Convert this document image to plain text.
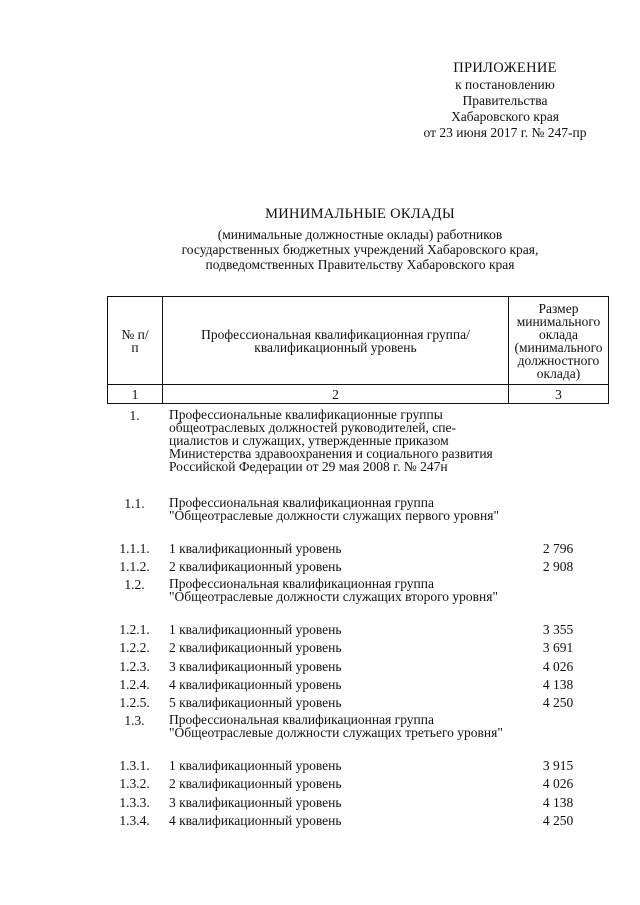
ПРИЛОЖЕНИЕ
к постановлению
Правительства
Хабаровского края
от 23 июня 2017 г. № 247-пр
МИНИМАЛЬНЫЕ ОКЛАДЫ
(минимальные должностные оклады) работников
государственных бюджетных учреждений Хабаровского края,
подведомственных Правительству Хабаровского края
№ п/п	Профессиональная квалификационная группа/ квалификационный уровень	Размер минимального оклада (минимального должностного оклада)
1	2	3
1.	Профессиональные квалификационные группы общеотраслевых должностей руководителей, спе-циалистов и служащих, утвержденные приказом Министерства здравоохранения и социального развития Российской Федерации от 29 мая 2008 г. № 247н
1.1.	Профессиональная квалификационная группа "Общеотраслевые должности служащих первого уровня"
1.1.1.	1 квалификационный уровень	2 796
1.1.2.	2 квалификационный уровень	2 908
1.2.	Профессиональная квалификационная группа "Общеотраслевые должности служащих второго уровня"
1.2.1.	1 квалификационный уровень	3 355
1.2.2.	2 квалификационный уровень	3 691
1.2.3.	3 квалификационный уровень	4 026
1.2.4.	4 квалификационный уровень	4 138
1.2.5.	5 квалификационный уровень	4 250
1.3.	Профессиональная квалификационная группа "Общеотраслевые должности служащих третьего уровня"
1.3.1.	1 квалификационный уровень	3 915
1.3.2.	2 квалификационный уровень	4 026
1.3.3.	3 квалификационный уровень	4 138
1.3.4.	4 квалификационный уровень	4 250
